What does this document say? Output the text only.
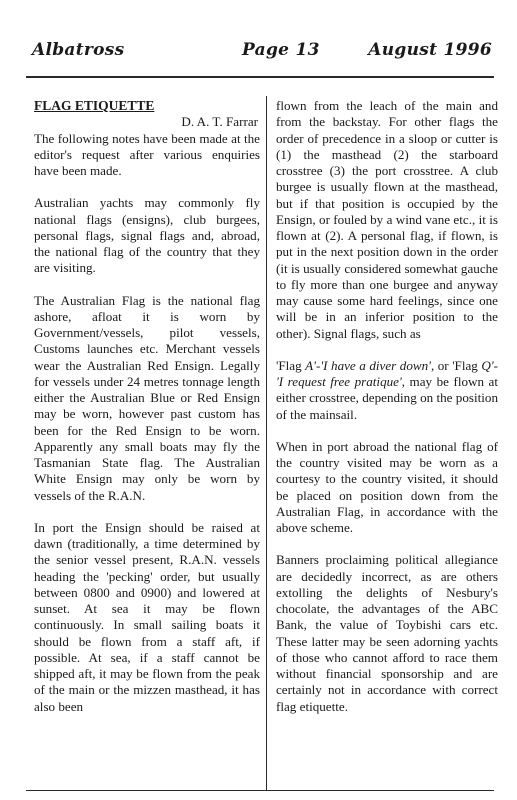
Albatross	Page 13	August 1996
FLAG ETIQUETTE
D. A. T. Farrar

The following notes have been made at the editor's request after various enquiries have been made.

Australian yachts may commonly fly national flags (ensigns), club burgees, personal flags, signal flags and, abroad, the national flag of the country that they are visiting.

The Australian Flag is the national flag ashore, afloat it is worn by Government/vessels, pilot vessels, Customs launches etc. Merchant vessels wear the Australian Red Ensign. Legally for vessels under 24 metres tonnage length either the Australian Blue or Red Ensign may be worn, however past custom has been for the Red Ensign to be worn. Apparently any small boats may fly the Tasmanian State flag. The Australian White Ensign may only be worn by vessels of the R.A.N.

In port the Ensign should be raised at dawn (traditionally, a time determined by the senior vessel present, R.A.N. vessels heading the 'pecking' order, but usually between 0800 and 0900) and lowered at sunset. At sea it may be flown continuously. In small sailing boats it should be flown from a staff aft, if possible. At sea, if a staff cannot be shipped aft, it may be flown from the peak of the main or the mizzen masthead, it has also been

flown from the leach of the main and from the backstay. For other flags the order of precedence in a sloop or cutter is (1) the masthead (2) the starboard crosstree (3) the port crosstree. A club burgee is usually flown at the masthead, but if that position is occupied by the Ensign, or fouled by a wind vane etc., it is flown at (2). A personal flag, if flown, is put in the next position down in the order (it is usually considered somewhat gauche to fly more than one burgee and anyway may cause some hard feelings, since one will be in an inferior position to the other). Signal flags, such as

'Flag A'-'I have a diver down', or 'Flag Q'-'I request free pratique', may be flown at either crosstree, depending on the position of the mainsail.

When in port abroad the national flag of the country visited may be worn as a courtesy to the country visited, it should be placed on position down from the Australian Flag, in accordance with the above scheme.

Banners proclaiming political allegiance are decidedly incorrect, as are others extolling the delights of Nesbury's chocolate, the advantages of the ABC Bank, the value of Toybishi cars etc. These latter may be seen adorning yachts of those who cannot afford to race them without financial sponsorship and are certainly not in accordance with correct flag etiquette.
